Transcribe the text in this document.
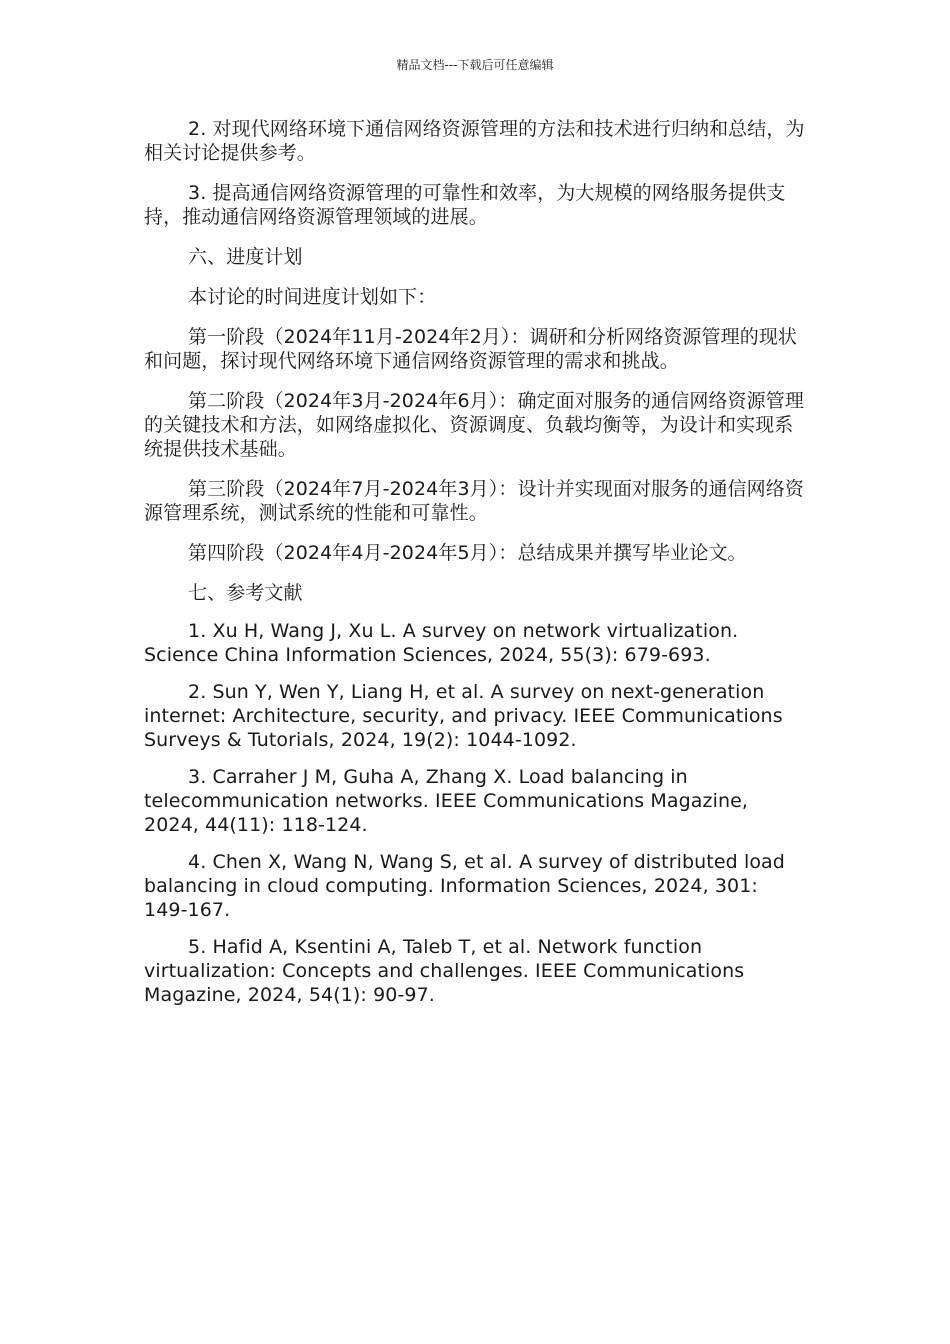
精品文档---下载后可任意编辑

2. 对现代网络环境下通信网络资源管理的方法和技术进行归纳和总结，为相关讨论提供参考。

3. 提高通信网络资源管理的可靠性和效率，为大规模的网络服务提供支持，推动通信网络资源管理领域的进展。

六、进度计划

本讨论的时间进度计划如下：

第一阶段（2024年11月-2024年2月）：调研和分析网络资源管理的现状和问题，探讨现代网络环境下通信网络资源管理的需求和挑战。

第二阶段（2024年3月-2024年6月）：确定面对服务的通信网络资源管理的关键技术和方法，如网络虚拟化、资源调度、负载均衡等，为设计和实现系统提供技术基础。

第三阶段（2024年7月-2024年3月）：设计并实现面对服务的通信网络资源管理系统，测试系统的性能和可靠性。

第四阶段（2024年4月-2024年5月）：总结成果并撰写毕业论文。

七、参考文献

1. Xu H, Wang J, Xu L. A survey on network virtualization. Science China Information Sciences, 2024, 55(3): 679-693.

2. Sun Y, Wen Y, Liang H, et al. A survey on next-generation internet: Architecture, security, and privacy. IEEE Communications Surveys & Tutorials, 2024, 19(2): 1044-1092.

3. Carraher J M, Guha A, Zhang X. Load balancing in telecommunication networks. IEEE Communications Magazine, 2024, 44(11): 118-124.

4. Chen X, Wang N, Wang S, et al. A survey of distributed load balancing in cloud computing. Information Sciences, 2024, 301: 149-167.

5. Hafid A, Ksentini A, Taleb T, et al. Network function virtualization: Concepts and challenges. IEEE Communications Magazine, 2024, 54(1): 90-97.
